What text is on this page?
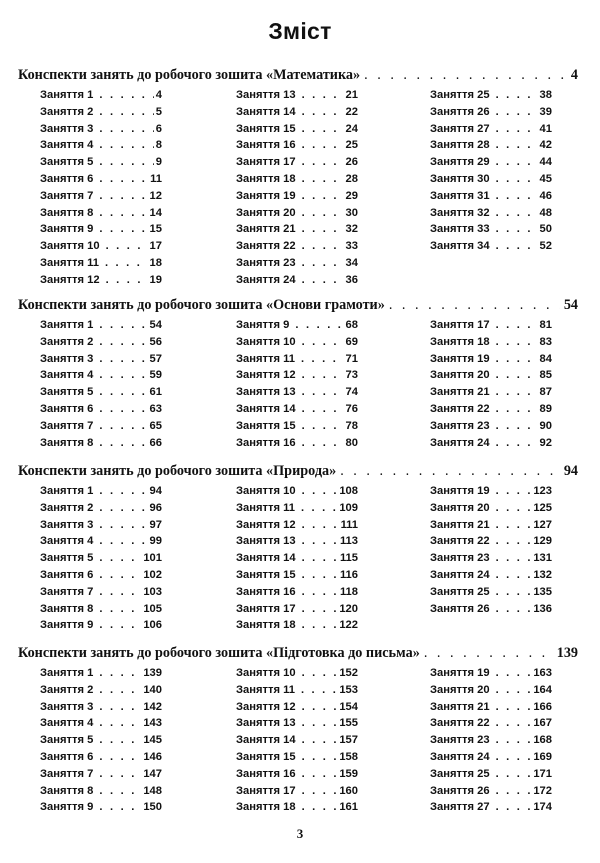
Зміст
Конспекти занять до робочого зошита «Математика» . . .	4
Заняття 1 . . .	4
Заняття 2 . . .	5
Заняття 3 . . .	6
Заняття 4 . . .	8
Заняття 5 . . .	9
Заняття 6 . . .	11
Заняття 7 . . .	12
Заняття 8 . . .	14
Заняття 9 . . .	15
Заняття 10 . . .	17
Заняття 11 . . .	18
Заняття 12 . . .	19
Заняття 13 . . .	21
Заняття 14 . . .	22
Заняття 15 . . .	24
Заняття 16 . . .	25
Заняття 17 . . .	26
Заняття 18 . . .	28
Заняття 19 . . .	29
Заняття 20 . . .	30
Заняття 21 . . .	32
Заняття 22 . . .	33
Заняття 23 . . .	34
Заняття 24 . . .	36
Заняття 25 . . .	38
Заняття 26 . . .	39
Заняття 27 . . .	41
Заняття 28 . . .	42
Заняття 29 . . .	44
Заняття 30 . . .	45
Заняття 31 . . .	46
Заняття 32 . . .	48
Заняття 33 . . .	50
Заняття 34 . . .	52
Конспекти занять до робочого зошита «Основи грамоти» . . .	54
Заняття 1 . . .	54
Заняття 2 . . .	56
Заняття 3 . . .	57
Заняття 4 . . .	59
Заняття 5 . . .	61
Заняття 6 . . .	63
Заняття 7 . . .	65
Заняття 8 . . .	66
Заняття 9 . . .	68
Заняття 10 . . .	69
Заняття 11 . . .	71
Заняття 12 . . .	73
Заняття 13 . . .	74
Заняття 14 . . .	76
Заняття 15 . . .	78
Заняття 16 . . .	80
Заняття 17 . . .	81
Заняття 18 . . .	83
Заняття 19 . . .	84
Заняття 20 . . .	85
Заняття 21 . . .	87
Заняття 22 . . .	89
Заняття 23 . . .	90
Заняття 24 . . .	92
Конспекти занять до робочого зошита «Природа» . . .	94
Заняття 1 . . .	94
Заняття 2 . . .	96
Заняття 3 . . .	97
Заняття 4 . . .	99
Заняття 5 . . .	101
Заняття 6 . . .	102
Заняття 7 . . .	103
Заняття 8 . . .	105
Заняття 9 . . .	106
Заняття 10 . . .	108
Заняття 11 . . .	109
Заняття 12 . . .	111
Заняття 13 . . .	113
Заняття 14 . . .	115
Заняття 15 . . .	116
Заняття 16 . . .	118
Заняття 17 . . .	120
Заняття 18 . . .	122
Заняття 19 . . .	123
Заняття 20 . . .	125
Заняття 21 . . .	127
Заняття 22 . . .	129
Заняття 23 . . .	131
Заняття 24 . . .	132
Заняття 25 . . .	135
Заняття 26 . . .	136
Конспекти занять до робочого зошита «Підготовка до письма» . . .	139
Заняття 1 . . .	139
Заняття 2 . . .	140
Заняття 3 . . .	142
Заняття 4 . . .	143
Заняття 5 . . .	145
Заняття 6 . . .	146
Заняття 7 . . .	147
Заняття 8 . . .	148
Заняття 9 . . .	150
Заняття 10 . . .	152
Заняття 11 . . .	153
Заняття 12 . . .	154
Заняття 13 . . .	155
Заняття 14 . . .	157
Заняття 15 . . .	158
Заняття 16 . . .	159
Заняття 17 . . .	160
Заняття 18 . . .	161
Заняття 19 . . .	163
Заняття 20 . . .	164
Заняття 21 . . .	166
Заняття 22 . . .	167
Заняття 23 . . .	168
Заняття 24 . . .	169
Заняття 25 . . .	171
Заняття 26 . . .	172
Заняття 27 . . .	174
3
